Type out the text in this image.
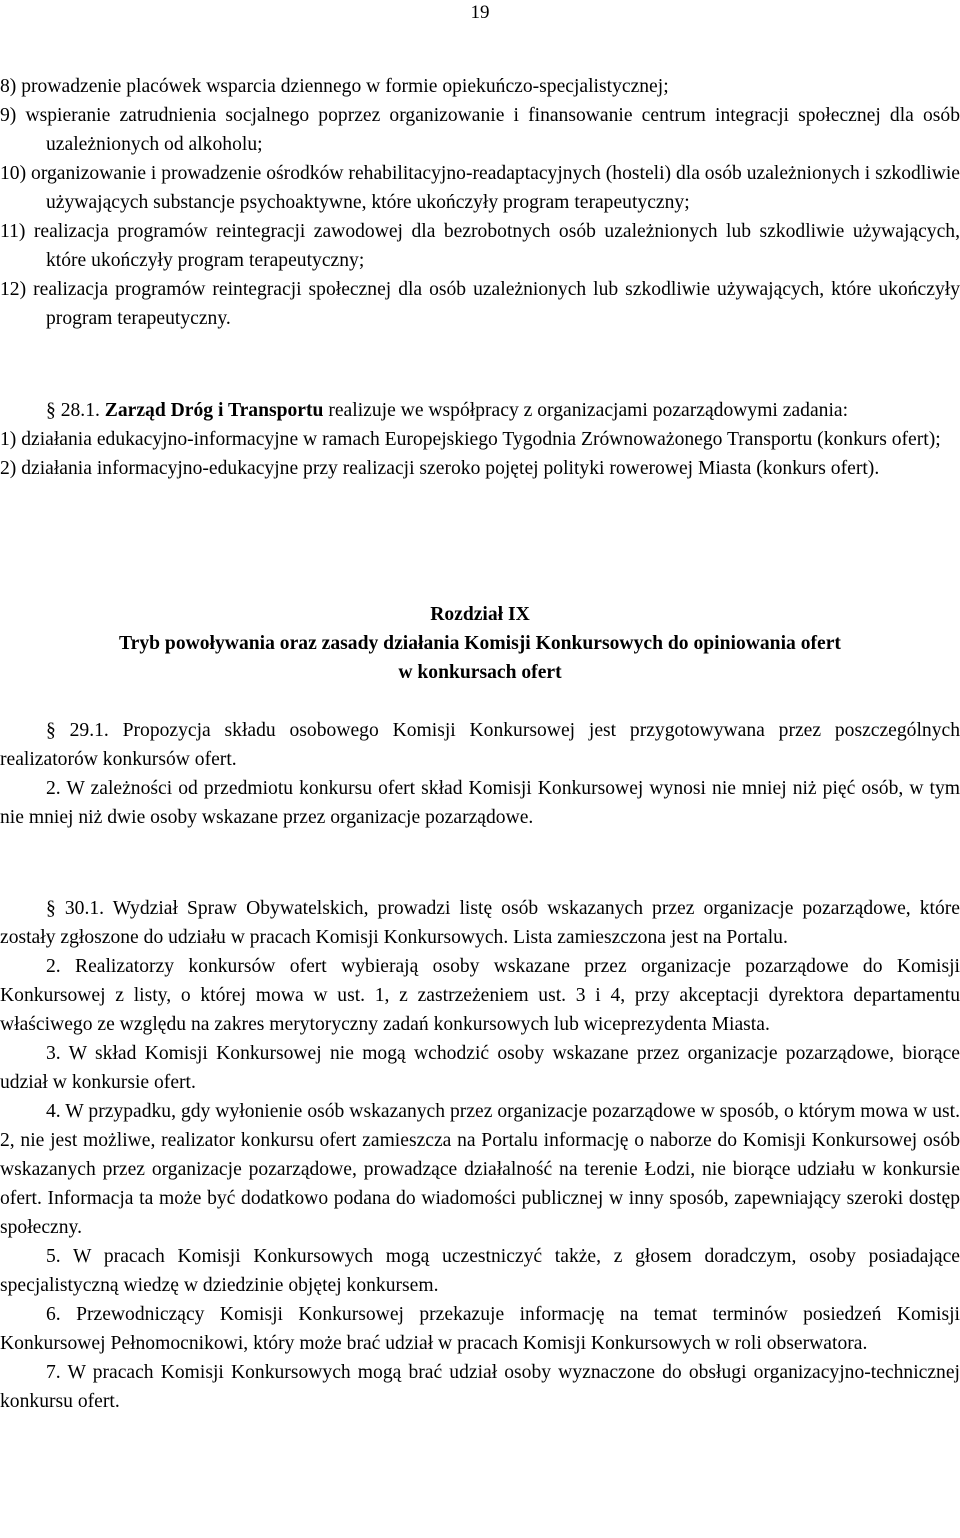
19

8) prowadzenie placówek wsparcia dziennego w formie opiekuńczo-specjalistycznej;

9) wspieranie zatrudnienia socjalnego poprzez organizowanie i finansowanie centrum integracji społecznej dla osób uzależnionych od alkoholu;

10) organizowanie i prowadzenie ośrodków rehabilitacyjno-readaptacyjnych (hosteli) dla osób uzależnionych i szkodliwie używających substancje psychoaktywne, które ukończyły program terapeutyczny;

11) realizacja programów reintegracji zawodowej dla bezrobotnych osób uzależnionych lub szkodliwie używających, które ukończyły program terapeutyczny;

12) realizacja programów reintegracji społecznej dla osób uzależnionych lub szkodliwie używających, które ukończyły program terapeutyczny.

§ 28.1. Zarząd Dróg i Transportu realizuje we współpracy z organizacjami pozarządowymi zadania:

1) działania edukacyjno-informacyjne w ramach Europejskiego Tygodnia Zrównoważonego Transportu (konkurs ofert);

2) działania informacyjno-edukacyjne przy realizacji szeroko pojętej polityki rowerowej Miasta (konkurs ofert).

Rozdział IX

Tryb powoływania oraz zasady działania Komisji Konkursowych do opiniowania ofert

w konkursach ofert

§ 29.1. Propozycja składu osobowego Komisji Konkursowej jest przygotowywana przez poszczególnych realizatorów konkursów ofert.

2. W zależności od przedmiotu konkursu ofert skład Komisji Konkursowej wynosi nie mniej niż pięć osób, w tym nie mniej niż dwie osoby wskazane przez organizacje pozarządowe.

§ 30.1. Wydział Spraw Obywatelskich, prowadzi listę osób wskazanych przez organizacje pozarządowe, które zostały zgłoszone do udziału w pracach Komisji Konkursowych. Lista zamieszczona jest na Portalu.

2. Realizatorzy konkursów ofert wybierają osoby wskazane przez organizacje pozarządowe do Komisji Konkursowej z listy, o której mowa w ust. 1, z zastrzeżeniem ust. 3 i 4, przy akceptacji dyrektora departamentu właściwego ze względu na zakres merytoryczny zadań konkursowych lub wiceprezydenta Miasta.

3. W skład Komisji Konkursowej nie mogą wchodzić osoby wskazane przez organizacje pozarządowe, biorące udział w konkursie ofert.

4. W przypadku, gdy wyłonienie osób wskazanych przez organizacje pozarządowe w sposób, o którym mowa w ust. 2, nie jest możliwe, realizator konkursu ofert zamieszcza na Portalu informację o naborze do Komisji Konkursowej osób wskazanych przez organizacje pozarządowe, prowadzące działalność na terenie Łodzi, nie biorące udziału w konkursie ofert. Informacja ta może być dodatkowo podana do wiadomości publicznej w inny sposób, zapewniający szeroki dostęp społeczny.

5. W pracach Komisji Konkursowych mogą uczestniczyć także, z głosem doradczym, osoby posiadające specjalistyczną wiedzę w dziedzinie objętej konkursem.

6. Przewodniczący Komisji Konkursowej przekazuje informację na temat terminów posiedzeń Komisji Konkursowej Pełnomocnikowi, który może brać udział w pracach Komisji Konkursowych w roli obserwatora.

7. W pracach Komisji Konkursowych mogą brać udział osoby wyznaczone do obsługi organizacyjno-technicznej konkursu ofert.
